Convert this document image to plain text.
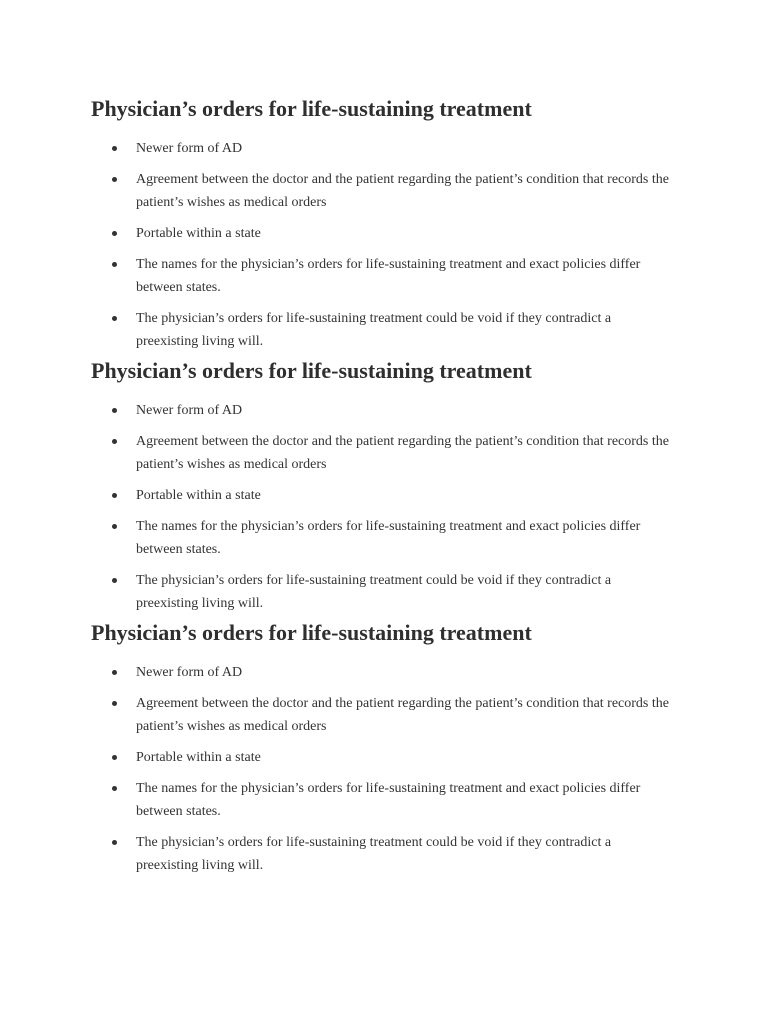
Physician’s orders for life-sustaining treatment
Newer form of AD
Agreement between the doctor and the patient regarding the patient’s condition that records the patient’s wishes as medical orders
Portable within a state
The names for the physician’s orders for life-sustaining treatment and exact policies differ between states.
The physician’s orders for life-sustaining treatment could be void if they contradict a preexisting living will.
Physician’s orders for life-sustaining treatment
Newer form of AD
Agreement between the doctor and the patient regarding the patient’s condition that records the patient’s wishes as medical orders
Portable within a state
The names for the physician’s orders for life-sustaining treatment and exact policies differ between states.
The physician’s orders for life-sustaining treatment could be void if they contradict a preexisting living will.
Physician’s orders for life-sustaining treatment
Newer form of AD
Agreement between the doctor and the patient regarding the patient’s condition that records the patient’s wishes as medical orders
Portable within a state
The names for the physician’s orders for life-sustaining treatment and exact policies differ between states.
The physician’s orders for life-sustaining treatment could be void if they contradict a preexisting living will.
